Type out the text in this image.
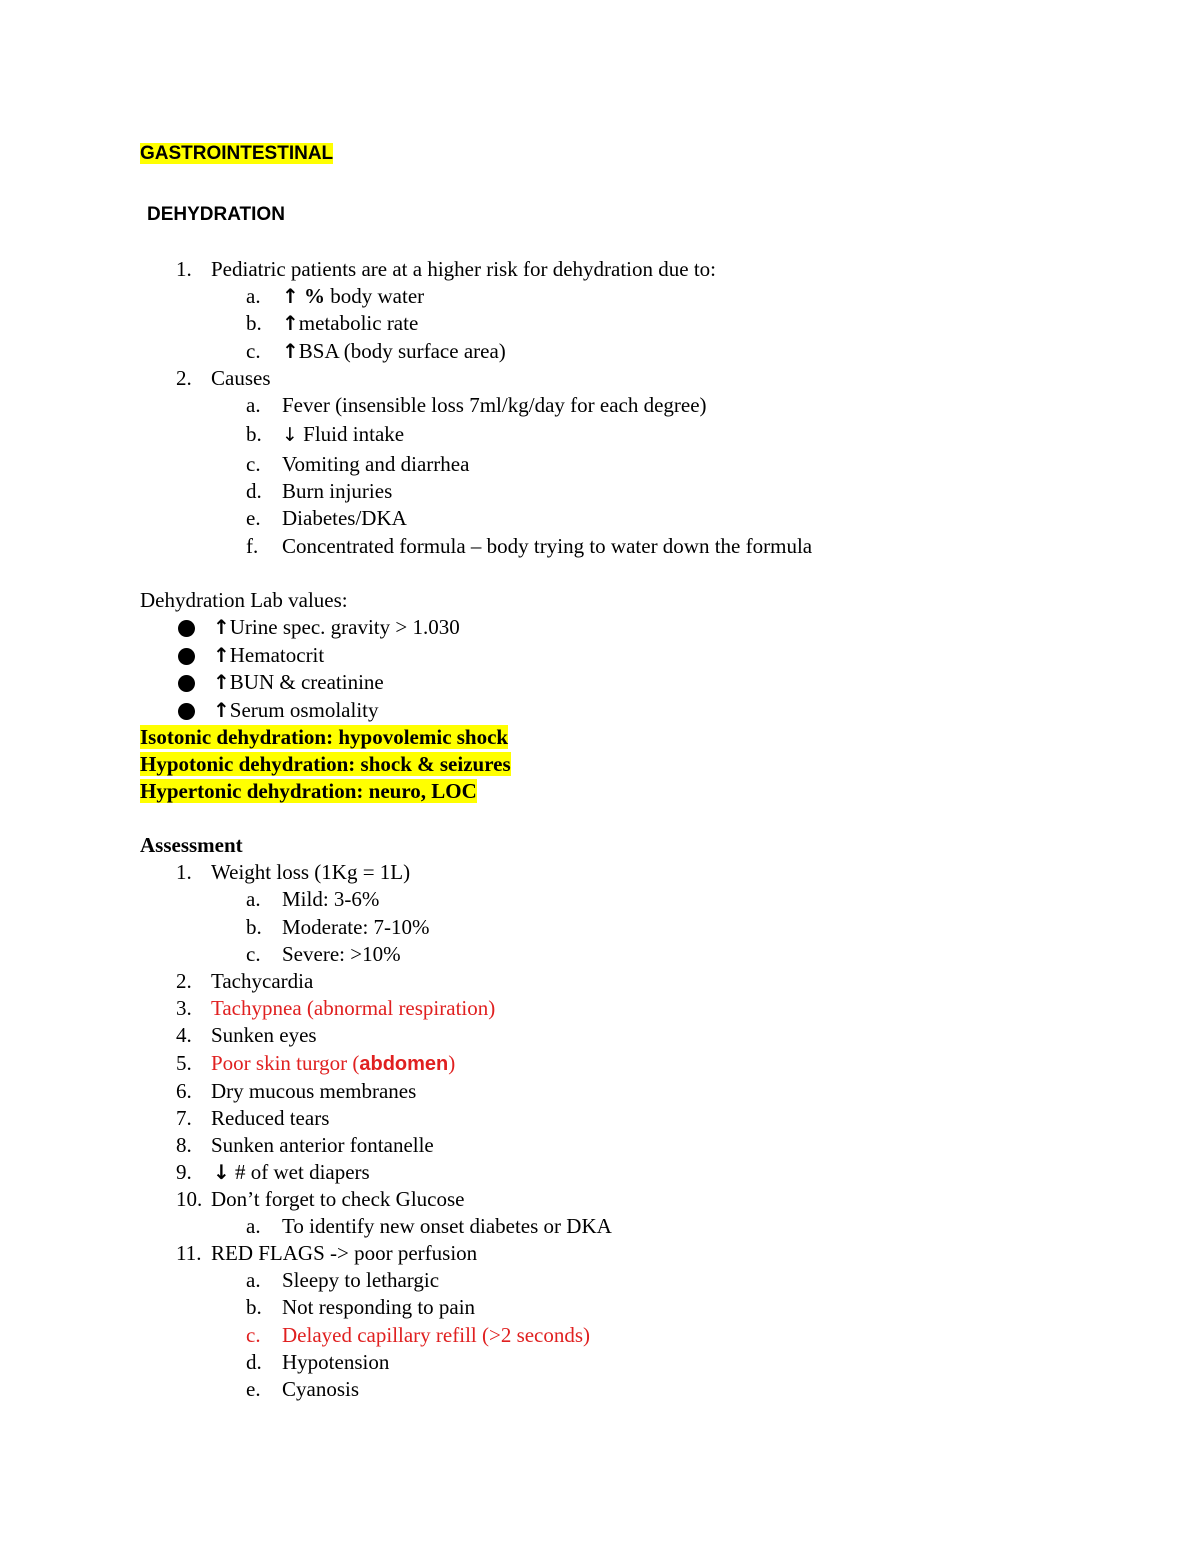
GASTROINTESTINAL
DEHYDRATION
1. Pediatric patients are at a higher risk for dehydration due to:
a. ↑ % body water
b. ↑metabolic rate
c. ↑BSA (body surface area)
2. Causes
a. Fever (insensible loss 7ml/kg/day for each degree)
b. ↓ Fluid intake
c. Vomiting and diarrhea
d. Burn injuries
e. Diabetes/DKA
f. Concentrated formula – body trying to water down the formula
Dehydration Lab values:
↑Urine spec. gravity > 1.030
↑Hematocrit
↑BUN & creatinine
↑Serum osmolality
Isotonic dehydration: hypovolemic shock
Hypotonic dehydration: shock & seizures
Hypertonic dehydration: neuro, LOC
Assessment
1. Weight loss (1Kg = 1L)
a. Mild: 3-6%
b. Moderate: 7-10%
c. Severe: >10%
2. Tachycardia
3. Tachypnea (abnormal respiration)
4. Sunken eyes
5. Poor skin turgor (abdomen)
6. Dry mucous membranes
7. Reduced tears
8. Sunken anterior fontanelle
9. ↓ # of wet diapers
10. Don’t forget to check Glucose
a. To identify new onset diabetes or DKA
11. RED FLAGS -> poor perfusion
a. Sleepy to lethargic
b. Not responding to pain
c. Delayed capillary refill (>2 seconds)
d. Hypotension
e. Cyanosis
